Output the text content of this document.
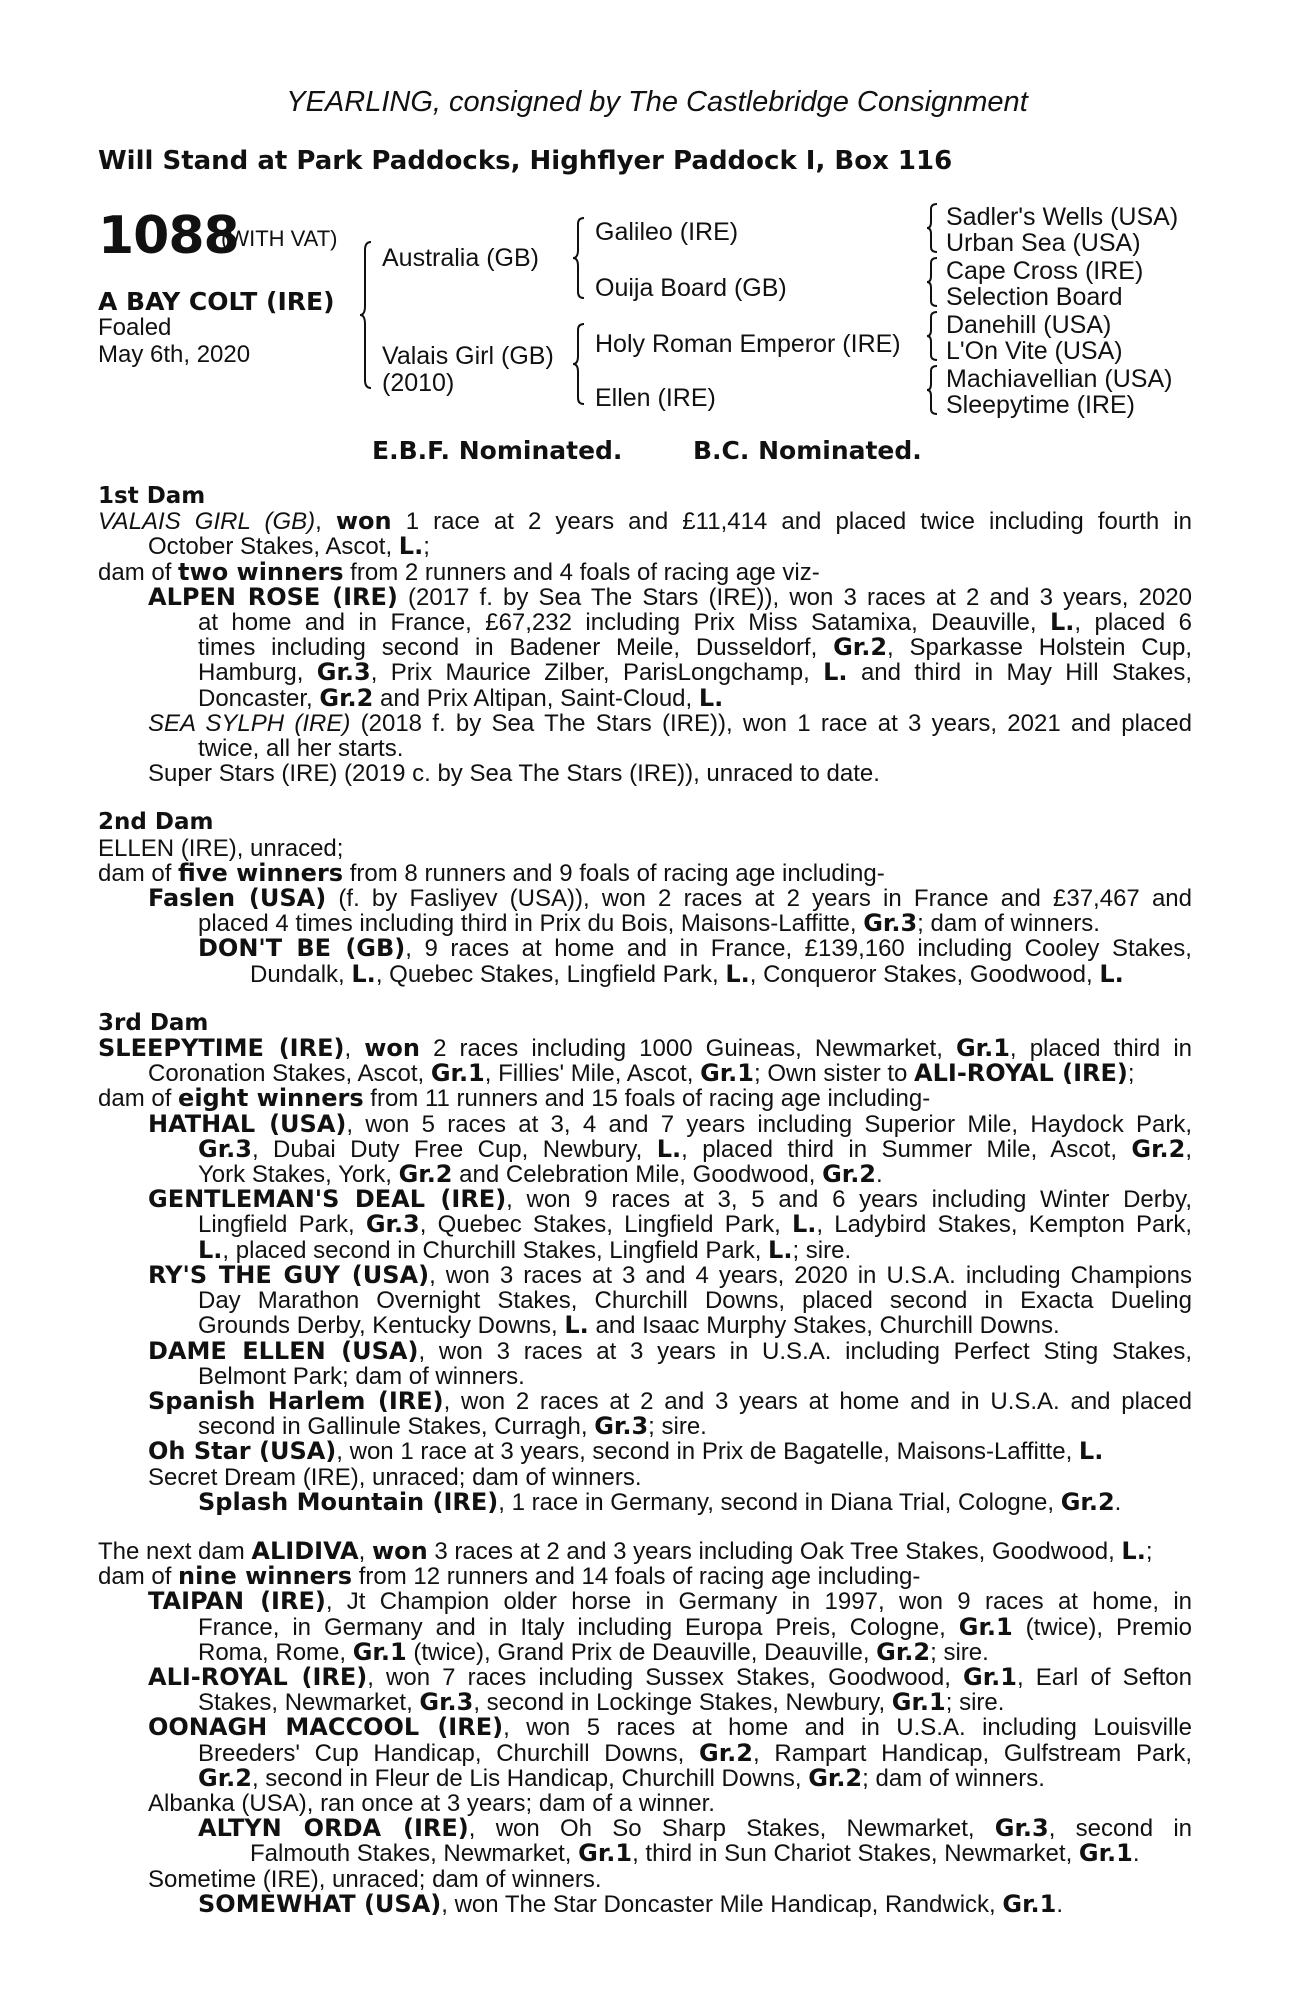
YEARLING, consigned by The Castlebridge Consignment
Will Stand at Park Paddocks, Highflyer Paddock I, Box 116
1088
(WITH VAT)
A BAY COLT (IRE)
Foaled
May 6th, 2020
Australia (GB)
Valais Girl (GB)
(2010)
Galileo (IRE)
Ouija Board (GB)
Holy Roman Emperor (IRE)
Ellen (IRE)
Sadler's Wells (USA)
Urban Sea (USA)
Cape Cross (IRE)
Selection Board
Danehill (USA)
L'On Vite (USA)
Machiavellian (USA)
Sleepytime (IRE)
E.B.F. Nominated.	B.C. Nominated.
1st Dam
VALAIS GIRL (GB), won 1 race at 2 years and £11,414 and placed twice including fourth in
October Stakes, Ascot, L.;
dam of two winners from 2 runners and 4 foals of racing age viz-
ALPEN ROSE (IRE) (2017 f. by Sea The Stars (IRE)), won 3 races at 2 and 3 years, 2020
at home and in France, £67,232 including Prix Miss Satamixa, Deauville, L., placed 6
times including second in Badener Meile, Dusseldorf, Gr.2, Sparkasse Holstein Cup,
Hamburg, Gr.3, Prix Maurice Zilber, ParisLongchamp, L. and third in May Hill Stakes,
Doncaster, Gr.2 and Prix Altipan, Saint-Cloud, L.
SEA SYLPH (IRE) (2018 f. by Sea The Stars (IRE)), won 1 race at 3 years, 2021 and placed
twice, all her starts.
Super Stars (IRE) (2019 c. by Sea The Stars (IRE)), unraced to date.
2nd Dam
ELLEN (IRE), unraced;
dam of five winners from 8 runners and 9 foals of racing age including-
Faslen (USA) (f. by Fasliyev (USA)), won 2 races at 2 years in France and £37,467 and
placed 4 times including third in Prix du Bois, Maisons-Laffitte, Gr.3; dam of winners.
DON'T BE (GB), 9 races at home and in France, £139,160 including Cooley Stakes,
Dundalk, L., Quebec Stakes, Lingfield Park, L., Conqueror Stakes, Goodwood, L.
3rd Dam
SLEEPYTIME (IRE), won 2 races including 1000 Guineas, Newmarket, Gr.1, placed third in
Coronation Stakes, Ascot, Gr.1, Fillies' Mile, Ascot, Gr.1; Own sister to ALI-ROYAL (IRE);
dam of eight winners from 11 runners and 15 foals of racing age including-
HATHAL (USA), won 5 races at 3, 4 and 7 years including Superior Mile, Haydock Park,
Gr.3, Dubai Duty Free Cup, Newbury, L., placed third in Summer Mile, Ascot, Gr.2,
York Stakes, York, Gr.2 and Celebration Mile, Goodwood, Gr.2.
GENTLEMAN'S DEAL (IRE), won 9 races at 3, 5 and 6 years including Winter Derby,
Lingfield Park, Gr.3, Quebec Stakes, Lingfield Park, L., Ladybird Stakes, Kempton Park,
L., placed second in Churchill Stakes, Lingfield Park, L.; sire.
RY'S THE GUY (USA), won 3 races at 3 and 4 years, 2020 in U.S.A. including Champions
Day Marathon Overnight Stakes, Churchill Downs, placed second in Exacta Dueling
Grounds Derby, Kentucky Downs, L. and Isaac Murphy Stakes, Churchill Downs.
DAME ELLEN (USA), won 3 races at 3 years in U.S.A. including Perfect Sting Stakes,
Belmont Park; dam of winners.
Spanish Harlem (IRE), won 2 races at 2 and 3 years at home and in U.S.A. and placed
second in Gallinule Stakes, Curragh, Gr.3; sire.
Oh Star (USA), won 1 race at 3 years, second in Prix de Bagatelle, Maisons-Laffitte, L.
Secret Dream (IRE), unraced; dam of winners.
Splash Mountain (IRE), 1 race in Germany, second in Diana Trial, Cologne, Gr.2.
The next dam ALIDIVA, won 3 races at 2 and 3 years including Oak Tree Stakes, Goodwood, L.;
dam of nine winners from 12 runners and 14 foals of racing age including-
TAIPAN (IRE), Jt Champion older horse in Germany in 1997, won 9 races at home, in
France, in Germany and in Italy including Europa Preis, Cologne, Gr.1 (twice), Premio
Roma, Rome, Gr.1 (twice), Grand Prix de Deauville, Deauville, Gr.2; sire.
ALI-ROYAL (IRE), won 7 races including Sussex Stakes, Goodwood, Gr.1, Earl of Sefton
Stakes, Newmarket, Gr.3, second in Lockinge Stakes, Newbury, Gr.1; sire.
OONAGH MACCOOL (IRE), won 5 races at home and in U.S.A. including Louisville
Breeders' Cup Handicap, Churchill Downs, Gr.2, Rampart Handicap, Gulfstream Park,
Gr.2, second in Fleur de Lis Handicap, Churchill Downs, Gr.2; dam of winners.
Albanka (USA), ran once at 3 years; dam of a winner.
ALTYN ORDA (IRE), won Oh So Sharp Stakes, Newmarket, Gr.3, second in
Falmouth Stakes, Newmarket, Gr.1, third in Sun Chariot Stakes, Newmarket, Gr.1.
Sometime (IRE), unraced; dam of winners.
SOMEWHAT (USA), won The Star Doncaster Mile Handicap, Randwick, Gr.1.
